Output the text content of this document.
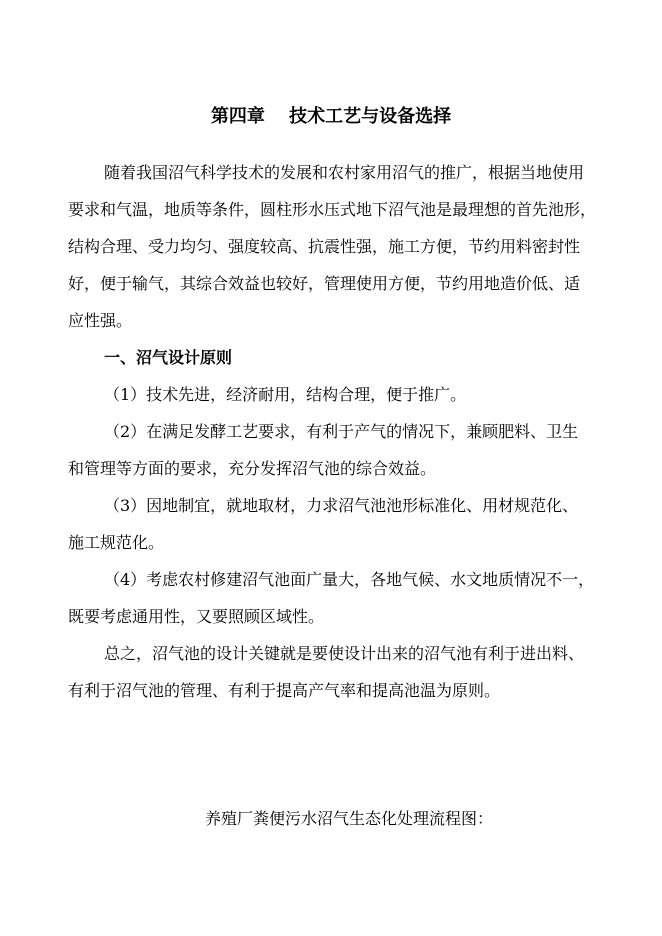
第四章　 技术工艺与设备选择
随着我国沼气科学技术的发展和农村家用沼气的推广，根据当地使用
要求和气温，地质等条件，圆柱形水压式地下沼气池是最理想的首先池形，
结构合理、受力均匀、强度较高、抗震性强，施工方便，节约用料密封性
好，便于输气，其综合效益也较好，管理使用方便，节约用地造价低、适
应性强。
一、沼气设计原则
（1）技术先进，经济耐用，结构合理，便于推广。
（2）在满足发酵工艺要求，有利于产气的情况下，兼顾肥料、卫生
和管理等方面的要求，充分发挥沼气池的综合效益。
（3）因地制宜，就地取材，力求沼气池池形标准化、用材规范化、
施工规范化。
（4）考虑农村修建沼气池面广量大，各地气候、水文地质情况不一，
既要考虑通用性，又要照顾区域性。
总之，沼气池的设计关键就是要使设计出来的沼气池有利于进出料、
有利于沼气池的管理、有利于提高产气率和提高池温为原则。
养殖厂粪便污水沼气生态化处理流程图：
